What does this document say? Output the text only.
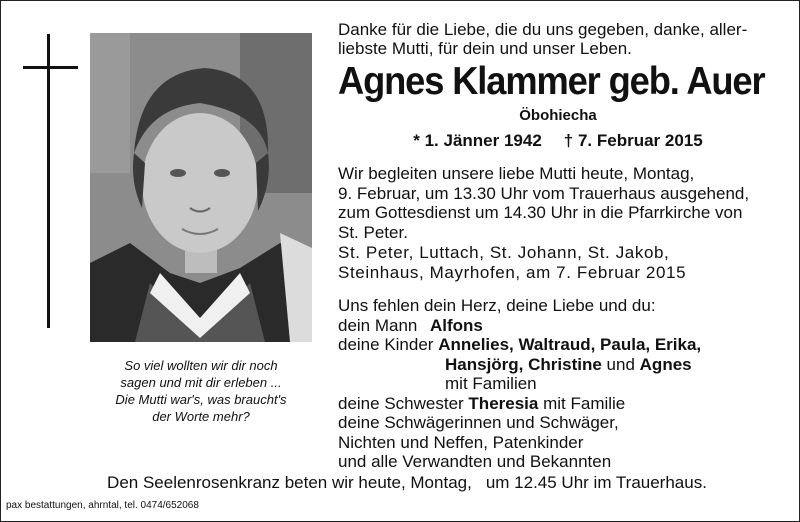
So viel wollten wir dir noch
sagen und mit dir erleben ...
Die Mutti war's, was braucht's
der Worte mehr?
Danke für die Liebe, die du uns gegeben, danke, aller-
liebste Mutti, für dein und unser Leben.
Agnes Klammer geb. Auer
Öbohiecha
* 1. Jänner 1942 † 7. Februar 2015
Wir begleiten unsere liebe Mutti heute, Montag,
9. Februar, um 13.30 Uhr vom Trauerhaus ausgehend,
zum Gottesdienst um 14.30 Uhr in die Pfarrkirche von
St. Peter.
St. Peter, Luttach, St. Johann, St. Jakob,
Steinhaus, Mayrhofen, am 7. Februar 2015
Uns fehlen dein Herz, deine Liebe und du:
dein Mann Alfons
deine Kinder Annelies, Waltraud, Paula, Erika,
Hansjörg, Christine und Agnes
mit Familien
deine Schwester Theresia mit Familie
deine Schwägerinnen und Schwäger,
Nichten und Neffen, Patenkinder
und alle Verwandten und Bekannten
Den Seelenrosenkranz beten wir heute, Montag, um 12.45 Uhr im Trauerhaus.
pax bestattungen, ahrntal, tel. 0474/652068
